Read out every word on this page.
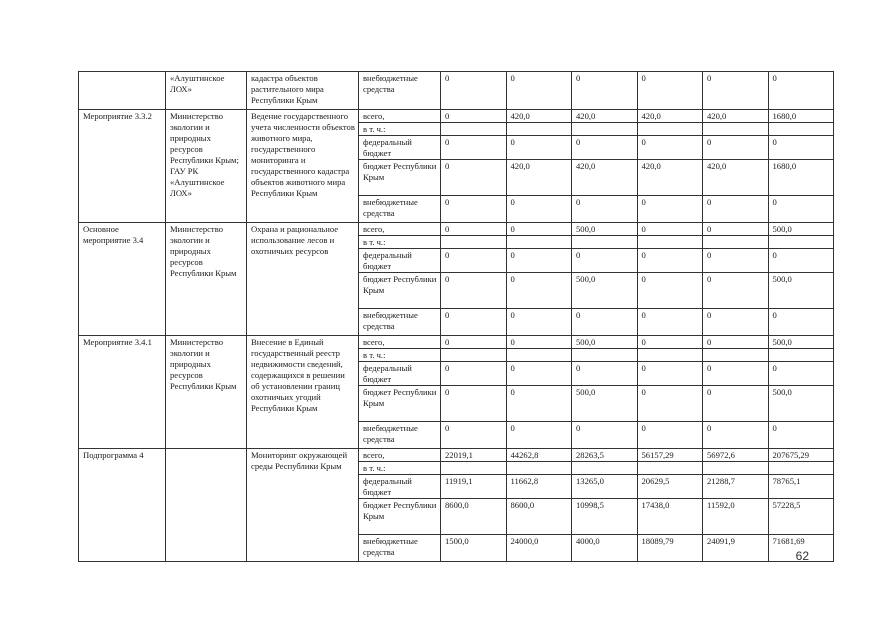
	«Алуштинское ЛОХ»	кадастра объектов растительного мира Республики Крым	внебюджетные средства	0	0	0	0	0	0
Мероприятие 3.3.2	Министерство экологии и природных ресурсов Республики Крым; ГАУ РК «Алуштинское ЛОХ»	Ведение государственного учета численности объектов животного мира, государственного мониторинга и государственного кадастра объектов животного мира Республики Крым	всего,	0	420,0	420,0	420,0	420,0	1680,0
			в т. ч.:						
			федеральный бюджет	0	0	0	0	0	0
			бюджет Республики Крым	0	420,0	420,0	420,0	420,0	1680,0
			внебюджетные средства	0	0	0	0	0	0
Основное мероприятие 3.4	Министерство экологии и природных ресурсов Республики Крым	Охрана и рациональное использование лесов и охотничьих ресурсов	всего,	0	0	500,0	0	0	500,0
			в т. ч.:						
			федеральный бюджет	0	0	0	0	0	0
			бюджет Республики Крым	0	0	500,0	0	0	500,0
			внебюджетные средства	0	0	0	0	0	0
Мероприятие 3.4.1	Министерство экологии и природных ресурсов Республики Крым	Внесение в Единый государственный реестр недвижимости сведений, содержащихся в решении об установлении границ охотничьих угодий Республики Крым	всего,	0	0	500,0	0	0	500,0
			в т. ч.:						
			федеральный бюджет	0	0	0	0	0	0
			бюджет Республики Крым	0	0	500,0	0	0	500,0
			внебюджетные средства	0	0	0	0	0	0
Подпрограмма 4		Мониторинг окружающей среды Республики Крым	всего,	22019,1	44262,8	28263,5	56157,29	56972,6	207675,29
			в т. ч.:						
			федеральный бюджет	11919,1	11662,8	13265,0	20629,5	21288,7	78765,1
			бюджет Республики Крым	8600,0	8600,0	10998,5	17438,0	11592,0	57228,5
			внебюджетные средства	1500,0	24000,0	4000,0	18089,79	24091,9	71681,69
62
